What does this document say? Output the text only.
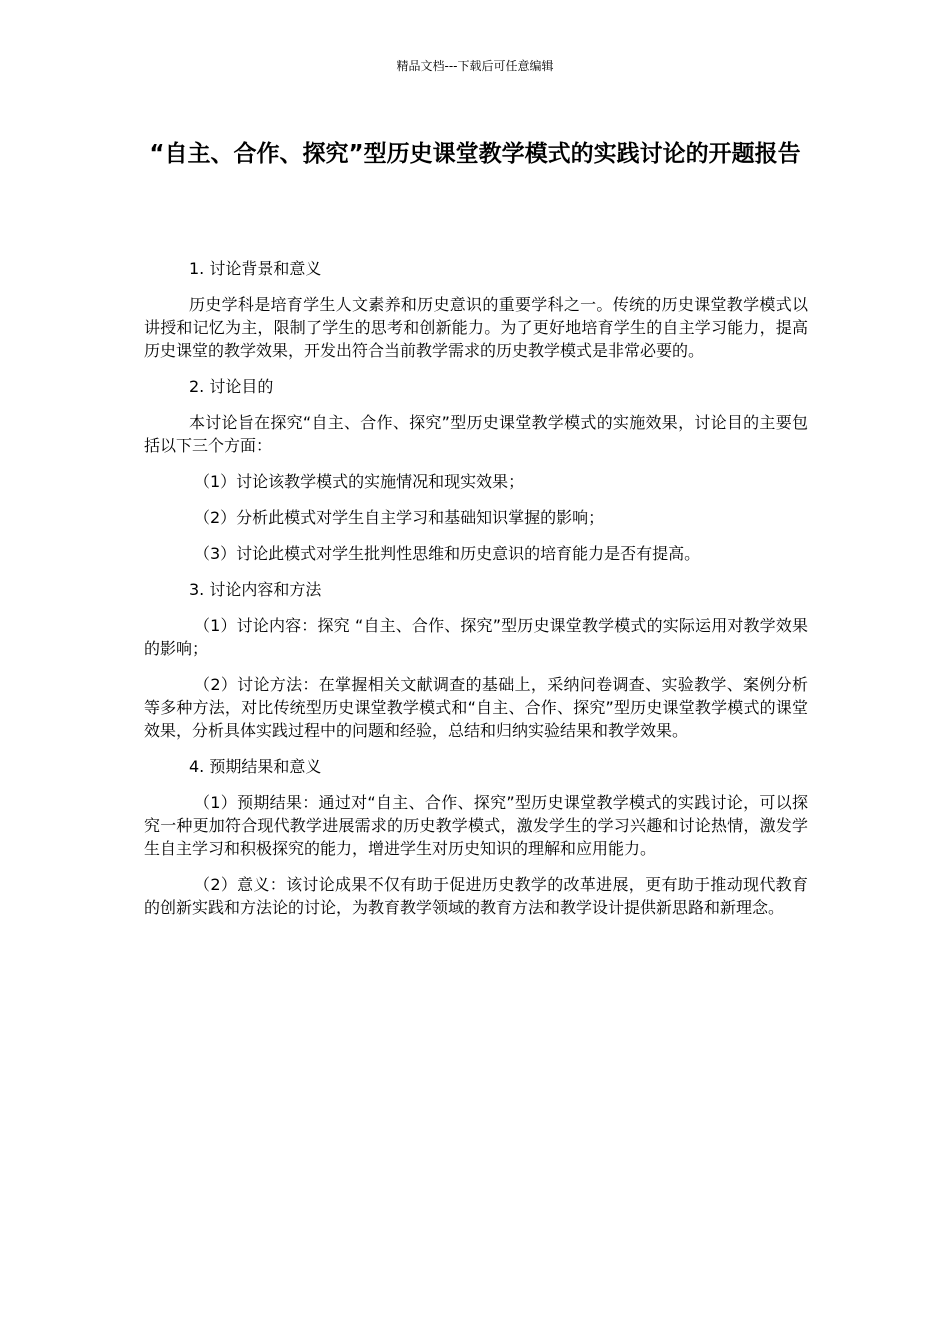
精品文档---下载后可任意编辑
“自主、合作、探究”型历史课堂教学模式的实践讨论的开题报告

1. 讨论背景和意义

历史学科是培育学生人文素养和历史意识的重要学科之一。传统的历史课堂教学模式以讲授和记忆为主，限制了学生的思考和创新能力。为了更好地培育学生的自主学习能力，提高历史课堂的教学效果，开发出符合当前教学需求的历史教学模式是非常必要的。

2. 讨论目的

本讨论旨在探究“自主、合作、探究”型历史课堂教学模式的实施效果，讨论目的主要包括以下三个方面：

（1）讨论该教学模式的实施情况和现实效果；

（2）分析此模式对学生自主学习和基础知识掌握的影响；

（3）讨论此模式对学生批判性思维和历史意识的培育能力是否有提高。

3. 讨论内容和方法

（1）讨论内容：探究 “自主、合作、探究”型历史课堂教学模式的实际运用对教学效果的影响；

（2）讨论方法：在掌握相关文献调查的基础上，采纳问卷调查、实验教学、案例分析等多种方法，对比传统型历史课堂教学模式和“自主、合作、探究”型历史课堂教学模式的课堂效果，分析具体实践过程中的问题和经验，总结和归纳实验结果和教学效果。

4. 预期结果和意义

（1）预期结果：通过对“自主、合作、探究”型历史课堂教学模式的实践讨论，可以探究一种更加符合现代教学进展需求的历史教学模式，激发学生的学习兴趣和讨论热情，激发学生自主学习和积极探究的能力，增进学生对历史知识的理解和应用能力。

（2）意义：该讨论成果不仅有助于促进历史教学的改革进展，更有助于推动现代教育的创新实践和方法论的讨论，为教育教学领域的教育方法和教学设计提供新思路和新理念。
